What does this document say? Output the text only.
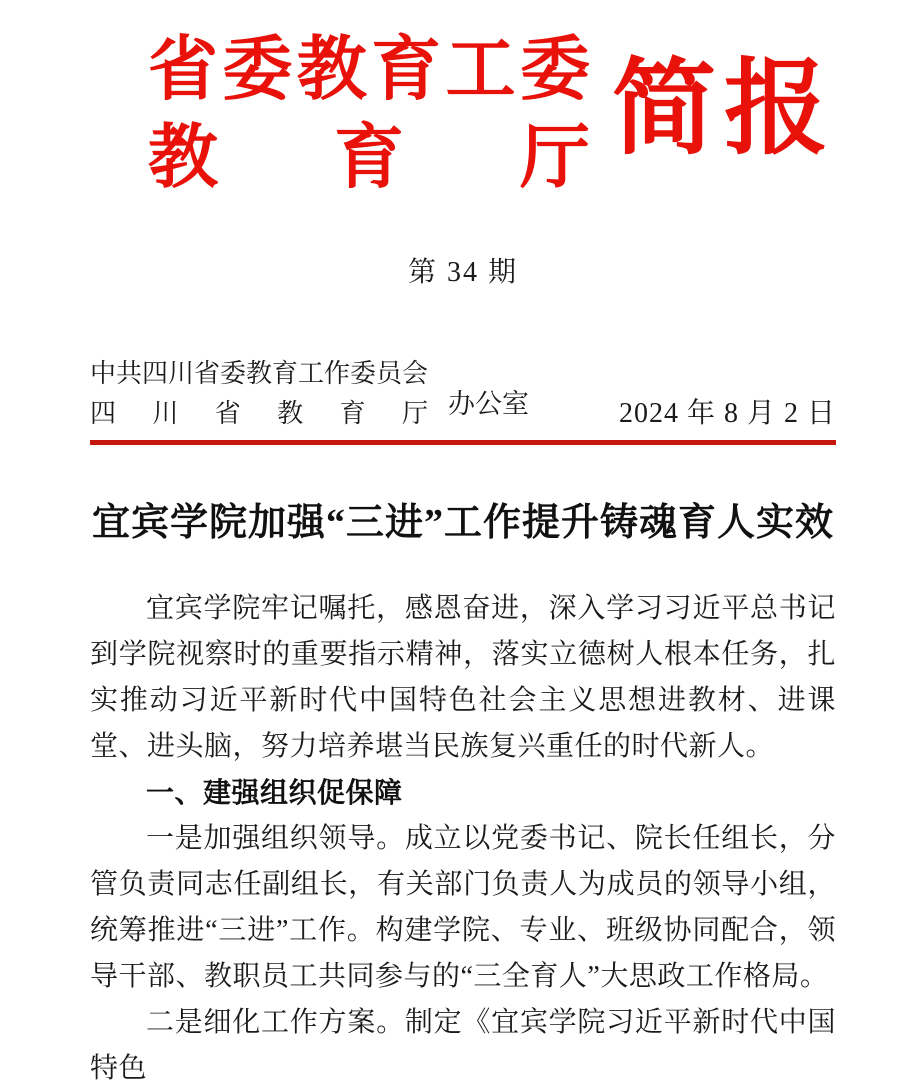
省 委 教 育 工 委
教 育 厅 简报
第 34 期
中共四川省委教育工作委员会
四 川 省 教 育 厅 办公室	2024 年 8 月 2 日
宜宾学院加强“三进”工作提升铸魂育人实效

宜宾学院牢记嘱托，感恩奋进，深入学习习近平总书记到学院视察时的重要指示精神，落实立德树人根本任务，扎实推动习近平新时代中国特色社会主义思想进教材、进课堂、进头脑，努力培养堪当民族复兴重任的时代新人。

一、建强组织促保障

一是加强组织领导。成立以党委书记、院长任组长，分管负责同志任副组长，有关部门负责人为成员的领导小组，统筹推进“三进”工作。构建学院、专业、班级协同配合，领导干部、教职员工共同参与的“三全育人”大思政工作格局。

二是细化工作方案。制定《宜宾学院习近平新时代中国特色
